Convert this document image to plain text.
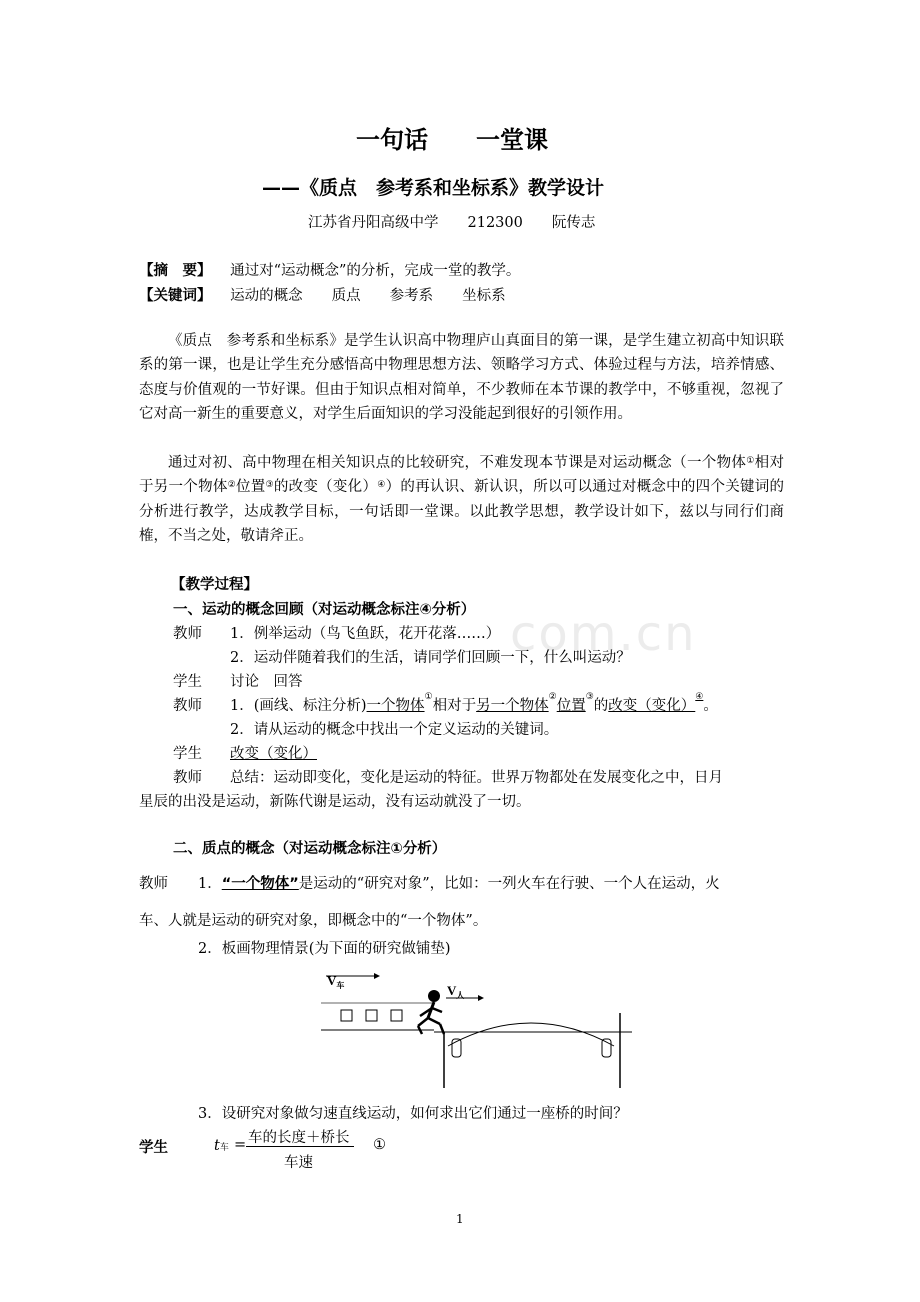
com.cn
一句话　　一堂课
——《质点　参考系和坐标系》教学设计
江苏省丹阳高级中学　　212300　　阮传志
【摘　要】 通过对“运动概念”的分析，完成一堂的教学。
【关键词】 运动的概念　　质点　　参考系　　坐标系
《质点　参考系和坐标系》是学生认识高中物理庐山真面目的第一课，是学生建立初高中知识联系的第一课，也是让学生充分感悟高中物理思想方法、领略学习方式、体验过程与方法，培养情感、态度与价值观的一节好课。但由于知识点相对简单，不少教师在本节课的教学中，不够重视，忽视了它对高一新生的重要意义，对学生后面知识的学习没能起到很好的引领作用。
通过对初、高中物理在相关知识点的比较研究，不难发现本节课是对运动概念（一个物体①相对于另一个物体②位置③的改变（变化）④）的再认识、新认识，所以可以通过对概念中的四个关键词的分析进行教学，达成教学目标，一句话即一堂课。以此教学思想，教学设计如下，兹以与同行们商榷，不当之处，敬请斧正。
【教学过程】
一、运动的概念回顾（对运动概念标注④分析）
教师 1．例举运动（鸟飞鱼跃，花开花落……）
2．运动伴随着我们的生活，请同学们回顾一下，什么叫运动？
学生 讨论　回答
教师 1．(画线、标注分析)一个物体①相对于另一个物体②位置③的改变（变化）④。
2．请从运动的概念中找出一个定义运动的关键词。
学生 改变（变化）
教师 总结：运动即变化，变化是运动的特征。世界万物都处在发展变化之中，日月
星辰的出没是运动，新陈代谢是运动，没有运动就没了一切。
二、质点的概念（对运动概念标注①分析）
教师 1．“一个物体”是运动的“研究对象”，比如：一列火车在行驶、一个人在运动，火
车、人就是运动的研究对象，即概念中的“一个物体”。
2．板画物理情景(为下面的研究做铺垫)
$V_车$	$V_人$
3．设研究对象做匀速直线运动，如何求出它们通过一座桥的时间？
学生	t车 = 车的长度＋桥长
车速
①
1
